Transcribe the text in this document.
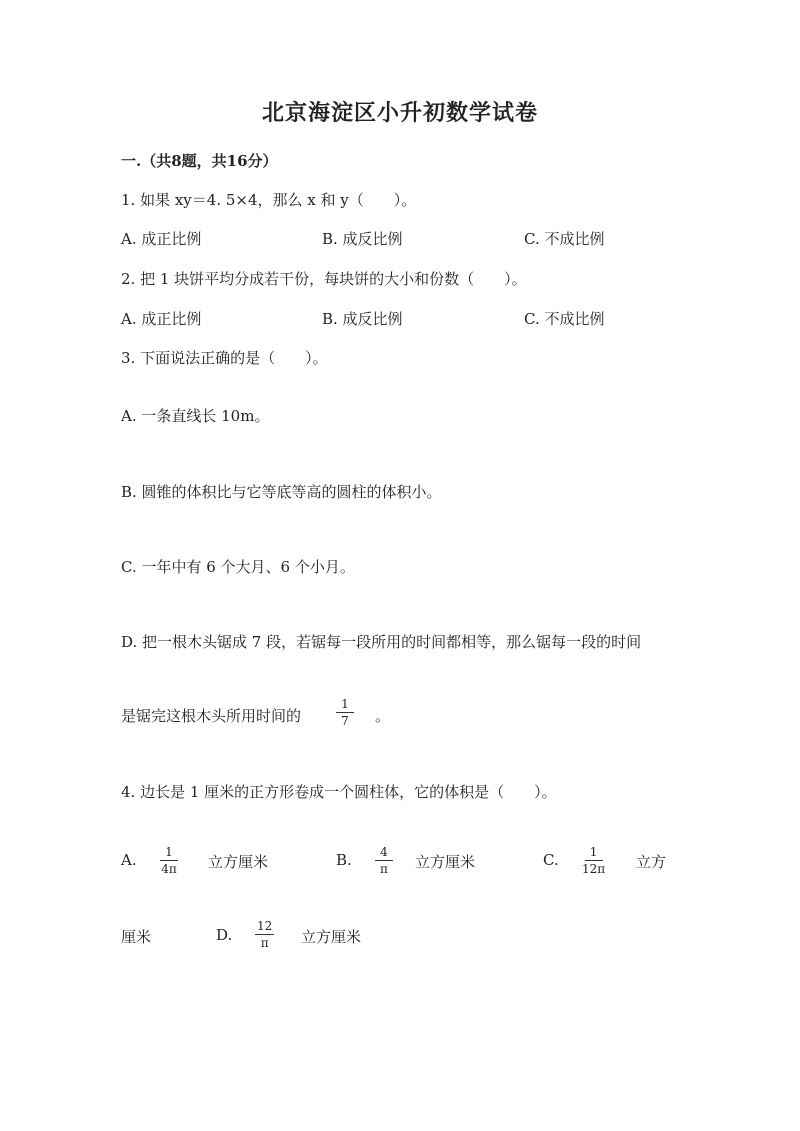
北京海淀区小升初数学试卷
一.（共8题，共16分）
1. 如果 xy＝4. 5×4，那么 x 和 y（　　）。
A. 成正比例	B. 成反比例	C. 不成比例
2. 把 1 块饼平均分成若干份，每块饼的大小和份数（　　）。
A. 成正比例	B. 成反比例	C. 不成比例
3. 下面说法正确的是（　　）。
A. 一条直线长 10m。
B. 圆锥的体积比与它等底等高的圆柱的体积小。
C. 一年中有 6 个大月、6 个小月。
D. 把一根木头锯成 7 段，若锯每一段所用的时间都相等，那么锯每一段的时间
是锯完这根木头所用时间的	$\frac{1}{7}$ 。
4. 边长是 1 厘米的正方形卷成一个圆柱体，它的体积是（　　）。
A. $\frac{1}{4\pi}$ 立方厘米	B. $\frac{4}{\pi}$ 立方厘米	C. $\frac{1}{12\pi}$ 立方
厘米	D. $\frac{12}{\pi}$ 立方厘米
